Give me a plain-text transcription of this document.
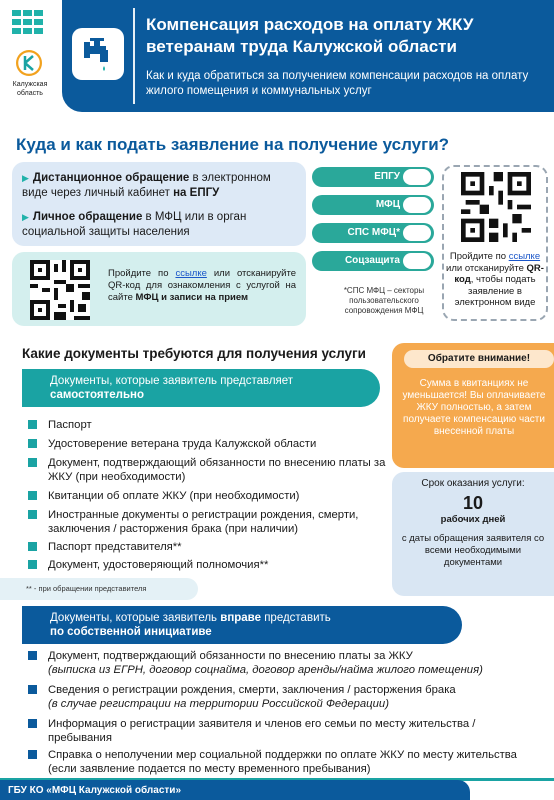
Калужская область
Компенсация расходов на оплату ЖКУ ветеранам труда Калужской области
Как и куда обратиться за получением компенсации расходов на оплату жилого помещения и коммунальных услуг
Куда и как подать заявление на получение услуги?
▶ Дистанционное обращение в электронном виде через личный кабинет на ЕПГУ
▶ Личное обращение в МФЦ или в орган социальной защиты населения
Пройдите по ссылке или отсканируйте QR-код для ознакомления с услугой на сайте МФЦ и записи на прием
ЕПГУ
МФЦ
СПС МФЦ*
Соцзащита
*СПС МФЦ – секторы пользовательского сопровождения МФЦ
Пройдите по ссылке или отсканируйте QR-код, чтобы подать заявление в электронном виде
Какие документы требуются для получения услуги
Документы, которые заявитель представляет
самостоятельно
Паспорт
Удостоверение ветерана труда Калужской области
Документ, подтверждающий обязанности по внесению платы за ЖКУ (при необходимости)
Квитанции об оплате ЖКУ (при необходимости)
Иностранные документы о регистрации рождения, смерти, заключения / расторжения брака (при наличии)
Паспорт представителя**
Документ, удостоверяющий полномочия**
** - при обращении представителя
Обратите внимание!
Сумма в квитанциях не уменьшается! Вы оплачиваете ЖКУ полностью, а затем получаете компенсацию части внесенной платы
Срок оказания услуги:
10
рабочих дней
с даты обращения заявителя со всеми необходимыми документами
Документы, которые заявитель вправе представить
по собственной инициативе
Документ, подтверждающий обязанности по внесению платы за ЖКУ
(выписка из ЕГРН, договор соцнайма, договор аренды/найма жилого помещения)
Сведения о регистрации рождения, смерти, заключения / расторжения брака
(в случае регистрации на территории Российской Федерации)
Информация о регистрации заявителя и членов его семьи по месту жительства / пребывания
Справка о неполучении мер социальной поддержки по оплате ЖКУ по месту жительства (если заявление подается по месту временного пребывания)
ГБУ КО «МФЦ Калужской области»
